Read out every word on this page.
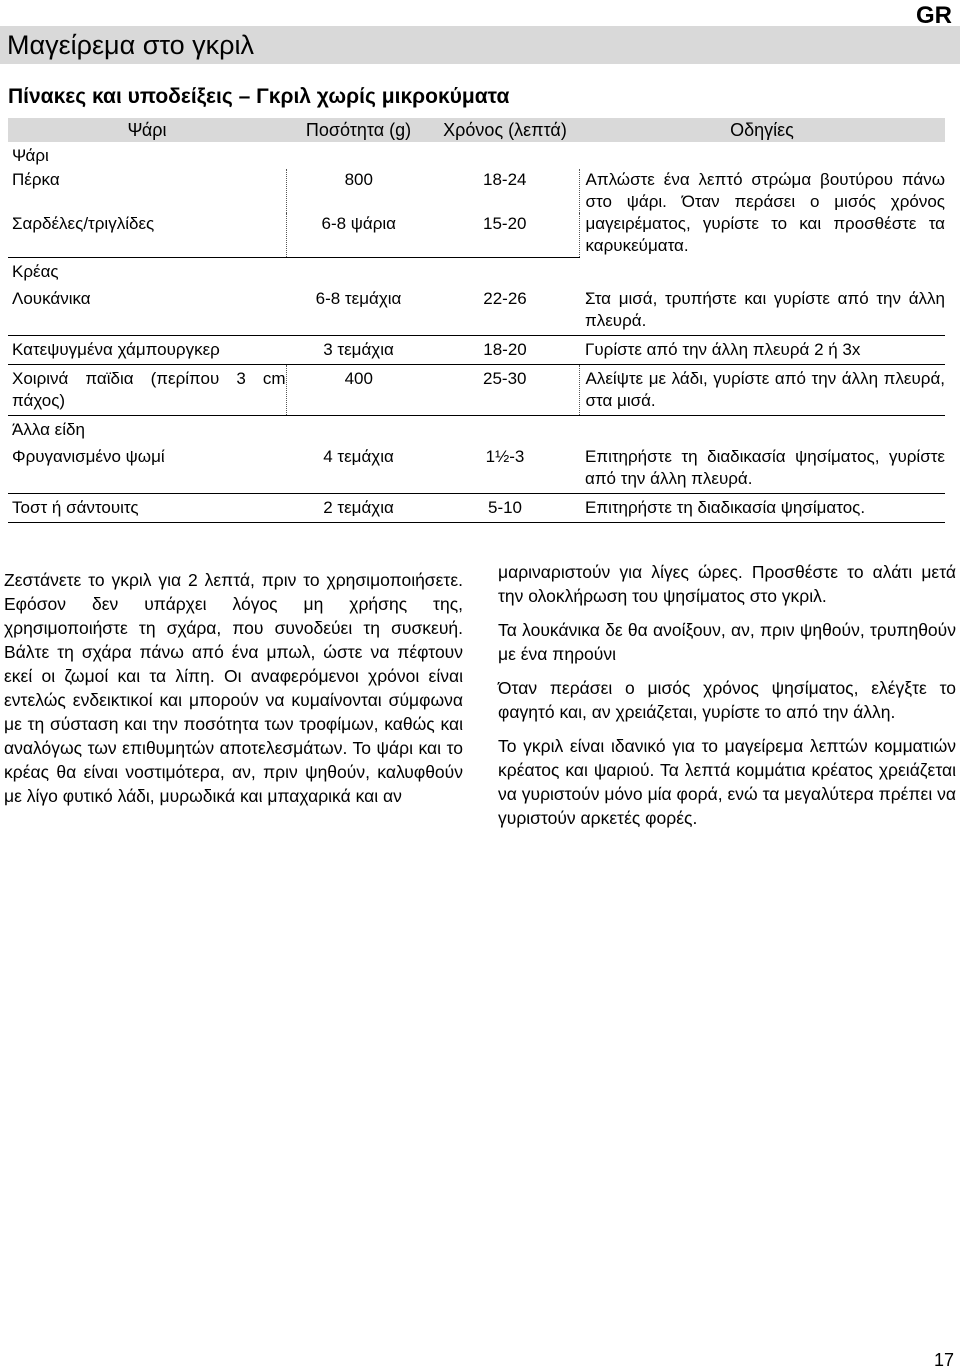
Μαγείρεμα στο γκριλ
GR
Πίνακες και υποδείξεις – Γκριλ χωρίς μικροκύματα
Ψάρι	Ποσότητα (g)	Χρόνος (λεπτά)	Οδηγίες
Ψάρι			
Πέρκα	800	18-24	Απλώστε ένα λεπτό στρώμα βουτύρου πάνω στο ψάρι. Όταν περάσει ο μισός χρόνος μαγειρέματος, γυρίστε το και προσθέστε τα καρυκεύματα.
Σαρδέλες/τριγλίδες	6-8 ψάρια	15-20	
Κρέας			
Λουκάνικα	6-8 τεμάχια	22-26	Στα μισά, τρυπήστε και γυρίστε από την άλλη πλευρά.
Κατεψυγμένα χάμπουργκερ	3 τεμάχια	18-20	Γυρίστε από την άλλη πλευρά 2 ή 3x
Χοιρινά παϊδια (περίπου 3 cm πάχος)	400	25-30	Αλείψτε με λάδι, γυρίστε από την άλλη πλευρά, στα μισά.
Άλλα είδη			
Φρυγανισμένο ψωμί	4 τεμάχια	1½-3	Επιτηρήστε τη διαδικασία ψησίματος, γυρίστε από την άλλη πλευρά.
Τοστ ή σάντουιτς	2 τεμάχια	5-10	Επιτηρήστε τη διαδικασία ψησίματος.

Ζεστάνετε το γκριλ για 2 λεπτά, πριν το χρησιμοποιήσετε. Εφόσον δεν υπάρχει λόγος μη χρήσης της, χρησιμοποιήστε τη σχάρα, που συνοδεύει τη συσκευή. Βάλτε τη σχάρα πάνω από ένα μπωλ, ώστε να πέφτουν εκεί οι ζωμοί και τα λίπη. Οι αναφερόμενοι χρόνοι είναι εντελώς ενδεικτικοί και μπορούν να κυμαίνονται σύμφωνα με τη σύσταση και την ποσότητα των τροφίμων, καθώς και αναλόγως των επιθυμητών αποτελεσμάτων. Το ψάρι και το κρέας θα είναι νοστιμότερα, αν, πριν ψηθούν, καλυφθούν με λίγο φυτικό λάδι, μυρωδικά και μπαχαρικά και αν

μαριναριστούν για λίγες ώρες. Προσθέστε το αλάτι μετά την ολοκλήρωση του ψησίματος στο γκριλ.

Τα λουκάνικα δε θα ανοίξουν, αν, πριν ψηθούν, τρυπηθούν με ένα πηρούνι

Όταν περάσει ο μισός χρόνος ψησίματος, ελέγξτε το φαγητό και, αν χρειάζεται, γυρίστε το από την άλλη.

Το γκριλ είναι ιδανικό για το μαγείρεμα λεπτών κομματιών κρέατος και ψαριού. Τα λεπτά κομμάτια κρέατος χρειάζεται να γυριστούν μόνο μία φορά, ενώ τα μεγαλύτερα πρέπει να γυριστούν αρκετές φορές.

17
